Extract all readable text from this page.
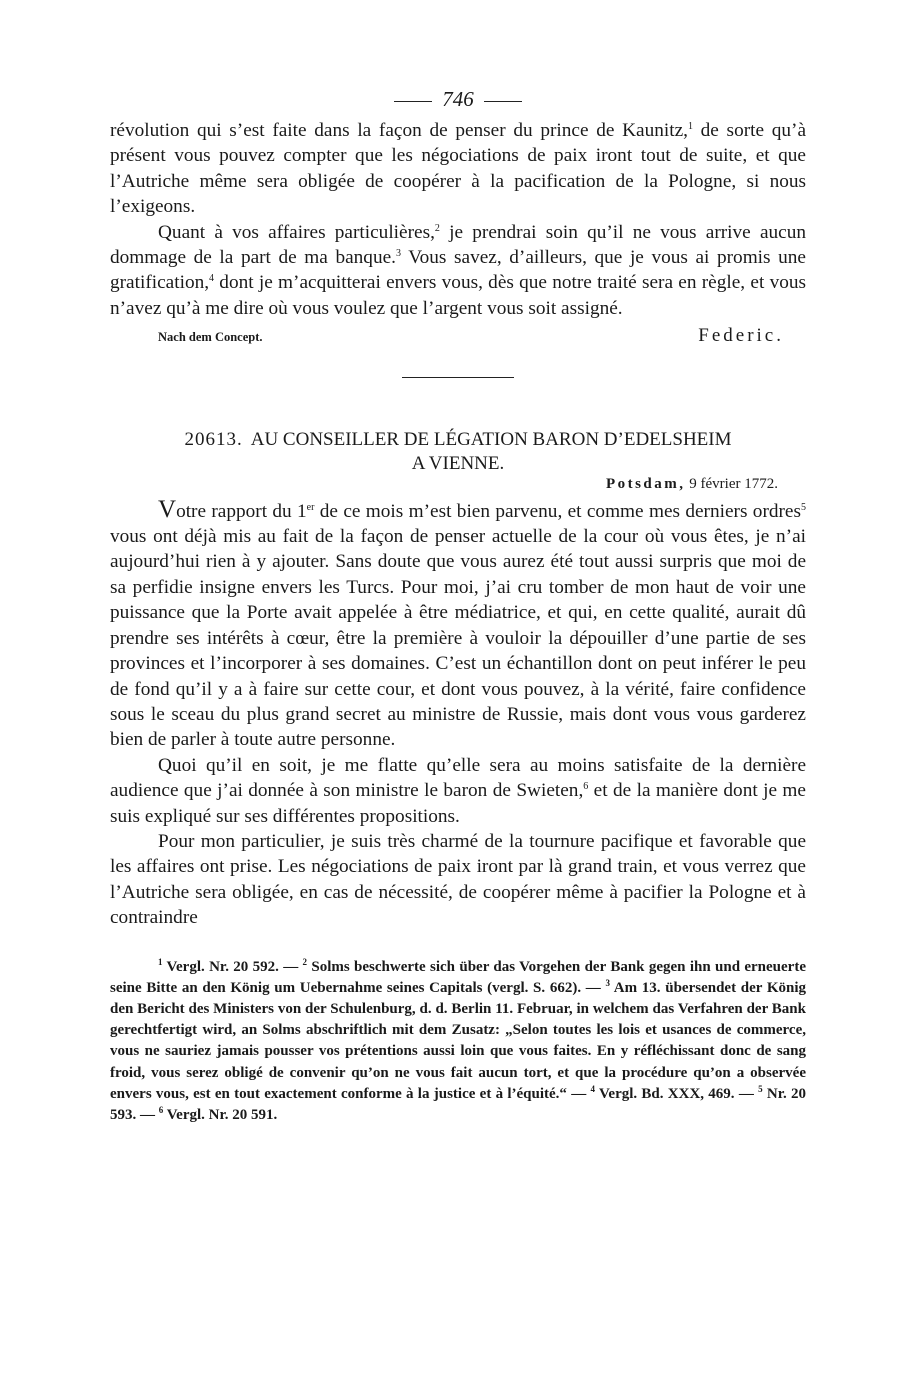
746

révolution qui s’est faite dans la façon de penser du prince de Kaunitz,$^1$ de sorte qu’à présent vous pouvez compter que les négociations de paix iront tout de suite, et que l’Autriche même sera obligée de coopérer à la pacification de la Pologne, si nous l’exigeons.

Quant à vos affaires particulières,$^2$ je prendrai soin qu’il ne vous arrive aucun dommage de la part de ma banque.$^3$ Vous savez, d’ailleurs, que je vous ai promis une gratification,$^4$ dont je m’acquitterai envers vous, dès que notre traité sera en règle, et vous n’avez qu’à me dire où vous voulez que l’argent vous soit assigné.

Nach dem Concept.	Federic.
20613. AU CONSEILLER DE LÉGATION BARON D’EDELSHEIM
A VIENNE.
Potsdam, 9 février 1772.

Votre rapport du 1er de ce mois m’est bien parvenu, et comme mes derniers ordres$^5$ vous ont déjà mis au fait de la façon de penser actuelle de la cour où vous êtes, je n’ai aujourd’hui rien à y ajouter. Sans doute que vous aurez été tout aussi surpris que moi de sa perfidie insigne envers les Turcs. Pour moi, j’ai cru tomber de mon haut de voir une puissance que la Porte avait appelée à être médiatrice, et qui, en cette qualité, aurait dû prendre ses intérêts à cœur, être la première à vouloir la dépouiller d’une partie de ses provinces et l’incorporer à ses domaines. C’est un échantillon dont on peut inférer le peu de fond qu’il y a à faire sur cette cour, et dont vous pouvez, à la vérité, faire confidence sous le sceau du plus grand secret au ministre de Russie, mais dont vous vous garderez bien de parler à toute autre personne.

Quoi qu’il en soit, je me flatte qu’elle sera au moins satisfaite de la dernière audience que j’ai donnée à son ministre le baron de Swieten,$^6$ et de la manière dont je me suis expliqué sur ses différentes propositions.

Pour mon particulier, je suis très charmé de la tournure pacifique et favorable que les affaires ont prise. Les négociations de paix iront par là grand train, et vous verrez que l’Autriche sera obligée, en cas de nécessité, de coopérer même à pacifier la Pologne et à contraindre

$^1$ Vergl. Nr. 20 592. — $^2$ Solms beschwerte sich über das Vorgehen der Bank gegen ihn und erneuerte seine Bitte an den König um Uebernahme seines Capitals (vergl. S. 662). — $^3$ Am 13. übersendet der König den Bericht des Ministers von der Schulenburg, d. d. Berlin 11. Februar, in welchem das Verfahren der Bank gerechtfertigt wird, an Solms abschriftlich mit dem Zusatz: „Selon toutes les lois et usances de commerce, vous ne sauriez jamais pousser vos prétentions aussi loin que vous faites. En y réfléchissant donc de sang froid, vous serez obligé de convenir qu’on ne vous fait aucun tort, et que la procédure qu’on a observée envers vous, est en tout exactement conforme à la justice et à l’équité.“ — $^4$ Vergl. Bd. XXX, 469. — $^5$ Nr. 20 593. — $^6$ Vergl. Nr. 20 591.
